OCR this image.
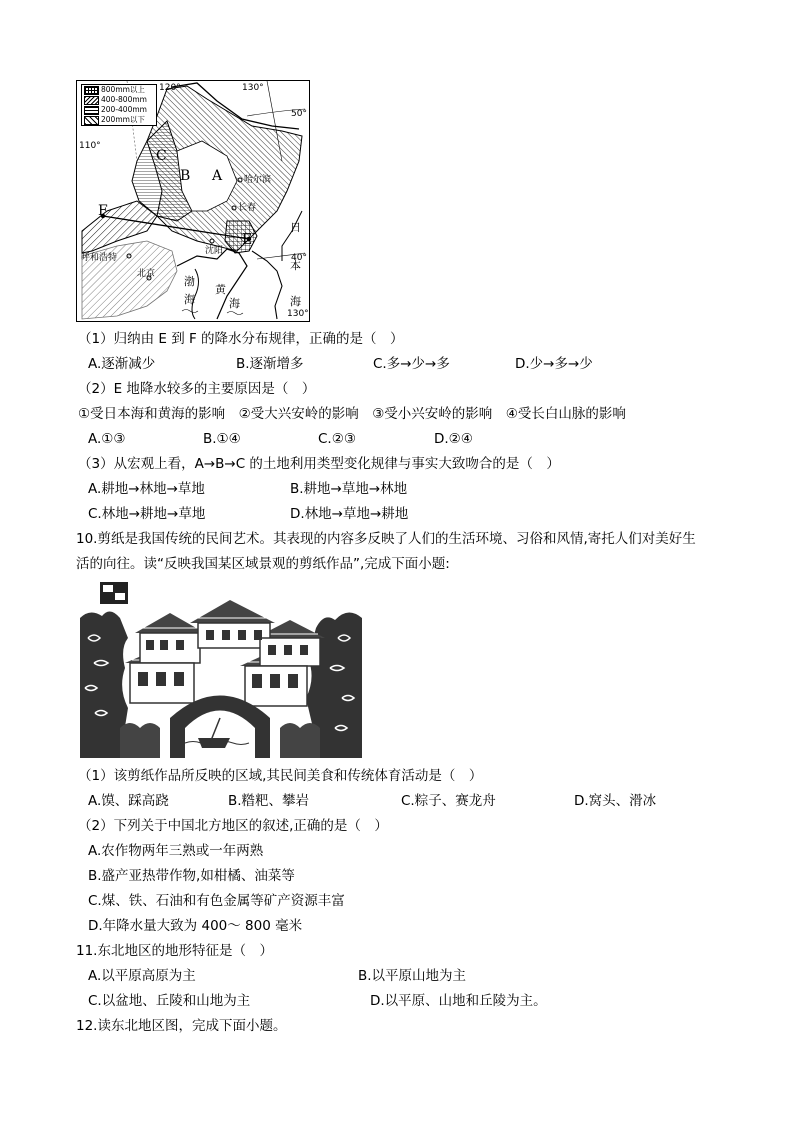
800mm以上
400-800mm
200-400mm
200mm以下
120°	130°
110°
130°
50°
40°
A
B
C
E
F
哈尔滨
长春
沈阳
呼和浩特
北京
渤
海
黄
海
日
本
海
（1）归纳由 E 到 F 的降水分布规律，正确的是（　）
A.逐渐减少	B.逐渐增多	C.多→少→多	D.少→多→少
（2）E 地降水较多的主要原因是（　）
①受日本海和黄海的影响　②受大兴安岭的影响　③受小兴安岭的影响　④受长白山脉的影响
A.①③	B.①④	C.②③	D.②④
（3）从宏观上看，A→B→C 的土地利用类型变化规律与事实大致吻合的是（　）
A.耕地→林地→草地	B.耕地→草地→林地
C.林地→耕地→草地	D.林地→草地→耕地
10.剪纸是我国传统的民间艺术。其表现的内容多反映了人们的生活环境、习俗和风情,寄托人们对美好生
活的向往。读“反映我国某区域景观的剪纸作品”,完成下面小题:
（1）该剪纸作品所反映的区域,其民间美食和传统体育活动是（　）
A.馍、踩高跷	B.糌粑、攀岩	C.粽子、赛龙舟	D.窝头、滑冰
（2）下列关于中国北方地区的叙述,正确的是（　）
A.农作物两年三熟或一年两熟
B.盛产亚热带作物,如柑橘、油菜等
C.煤、铁、石油和有色金属等矿产资源丰富
D.年降水量大致为 400～ 800 毫米
11.东北地区的地形特征是（　）
A.以平原高原为主	B.以平原山地为主
C.以盆地、丘陵和山地为主	D.以平原、山地和丘陵为主。
12.读东北地区图，完成下面小题。
